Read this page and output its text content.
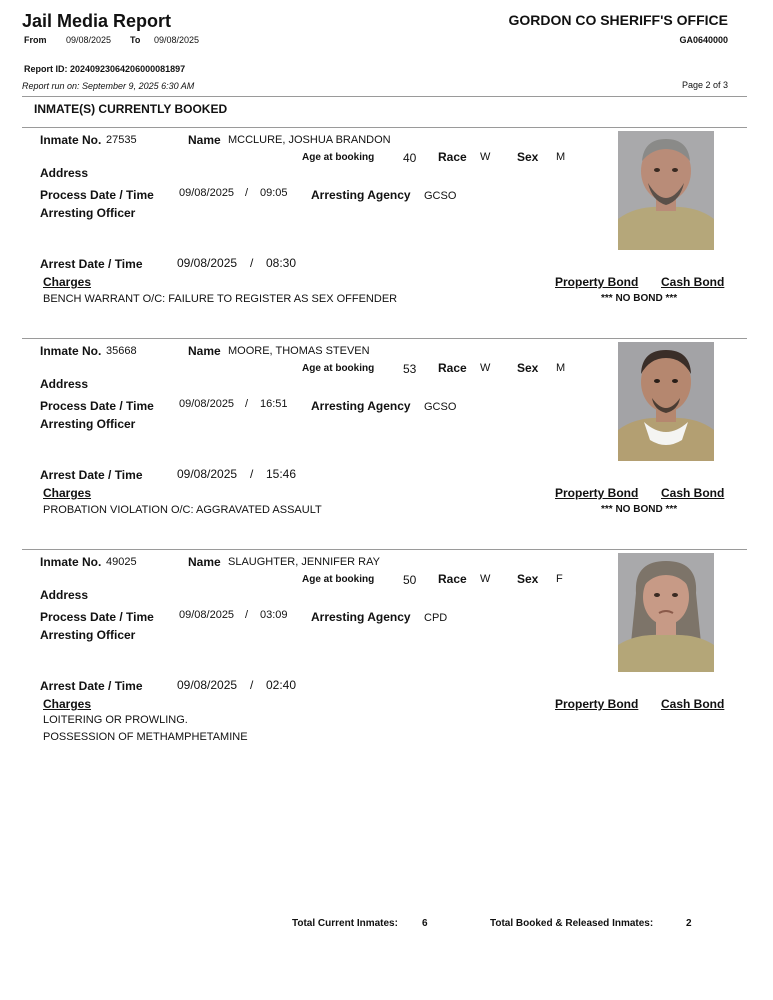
Jail Media Report	GORDON CO SHERIFF'S OFFICE
From 09/08/2025 To 09/08/2025	GA0640000
Report ID: 20240923064206000081897
Report run on: September 9, 2025 6:30 AM	Page 2 of 3
INMATE(S) CURRENTLY BOOKED
Inmate No. 27535	Name MCCLURE, JOSHUA BRANDON
Age at booking 40 Race W Sex M
Address
Process Date / Time 09/08/2025 / 09:05 Arresting Agency GCSO
Arresting Officer
Arrest Date / Time	09/08/2025 / 08:30
Charges	Property Bond Cash Bond
BENCH WARRANT O/C: FAILURE TO REGISTER AS SEX OFFENDER	*** NO BOND ***
Inmate No. 35668	Name MOORE, THOMAS STEVEN
Age at booking 53 Race W Sex M
Address
Process Date / Time 09/08/2025 / 16:51 Arresting Agency GCSO
Arresting Officer
Arrest Date / Time	09/08/2025 / 15:46
Charges	Property Bond Cash Bond
PROBATION VIOLATION O/C: AGGRAVATED ASSAULT	*** NO BOND ***
Inmate No. 49025	Name SLAUGHTER, JENNIFER RAY
Age at booking 50 Race W Sex F
Address
Process Date / Time 09/08/2025 / 03:09 Arresting Agency CPD
Arresting Officer
Arrest Date / Time	09/08/2025 / 02:40
Charges	Property Bond Cash Bond
LOITERING OR PROWLING.
POSSESSION OF METHAMPHETAMINE
Total Current Inmates: 6	Total Booked & Released Inmates:	2
